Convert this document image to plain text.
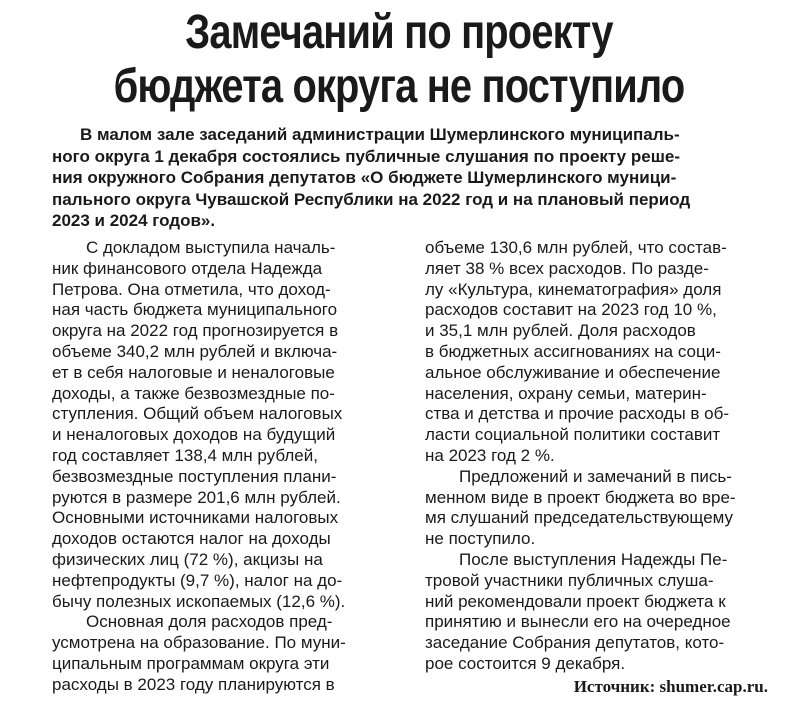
Замечаний по проекту
бюджета округа не поступило
В малом зале заседаний администрации Шумерлинского муниципаль-
ного округа 1 декабря состоялись публичные слушания по проекту реше-
ния окружного Собрания депутатов «О бюджете Шумерлинского муници-
пального округа Чувашской Республики на 2022 год и на плановый период
2023 и 2024 годов».
С докладом выступила началь-
ник финансового отдела Надежда
Петрова. Она отметила, что доход-
ная часть бюджета муниципального
округа на 2022 год прогнозируется в
объеме 340,2 млн рублей и включа-
ет в себя налоговые и неналоговые
доходы, а также безвозмездные по-
ступления. Общий объем налоговых
и неналоговых доходов на будущий
год составляет 138,4 млн рублей,
безвозмездные поступления плани-
руются в размере 201,6 млн рублей.
Основными источниками налоговых
доходов остаются налог на доходы
физических лиц (72 %), акцизы на
нефтепродукты (9,7 %), налог на до-
бычу полезных ископаемых (12,6 %).
Основная доля расходов пред-
усмотрена на образование. По муни-
ципальным программам округа эти
расходы в 2023 году планируются в
объеме 130,6 млн рублей, что состав-
ляет 38 % всех расходов. По разде-
лу «Культура, кинематография» доля
расходов составит на 2023 год 10 %,
и 35,1 млн рублей. Доля расходов
в бюджетных ассигнованиях на соци-
альное обслуживание и обеспечение
населения, охрану семьи, материн-
ства и детства и прочие расходы в об-
ласти социальной политики составит
на 2023 год 2 %.
Предложений и замечаний в пись-
менном виде в проект бюджета во вре-
мя слушаний председательствующему
не поступило.
После выступления Надежды Пе-
тровой участники публичных слуша-
ний рекомендовали проект бюджета к
принятию и вынесли его на очередное
заседание Собрания депутатов, кото-
рое состоится 9 декабря.
Источник: shumer.cap.ru.
